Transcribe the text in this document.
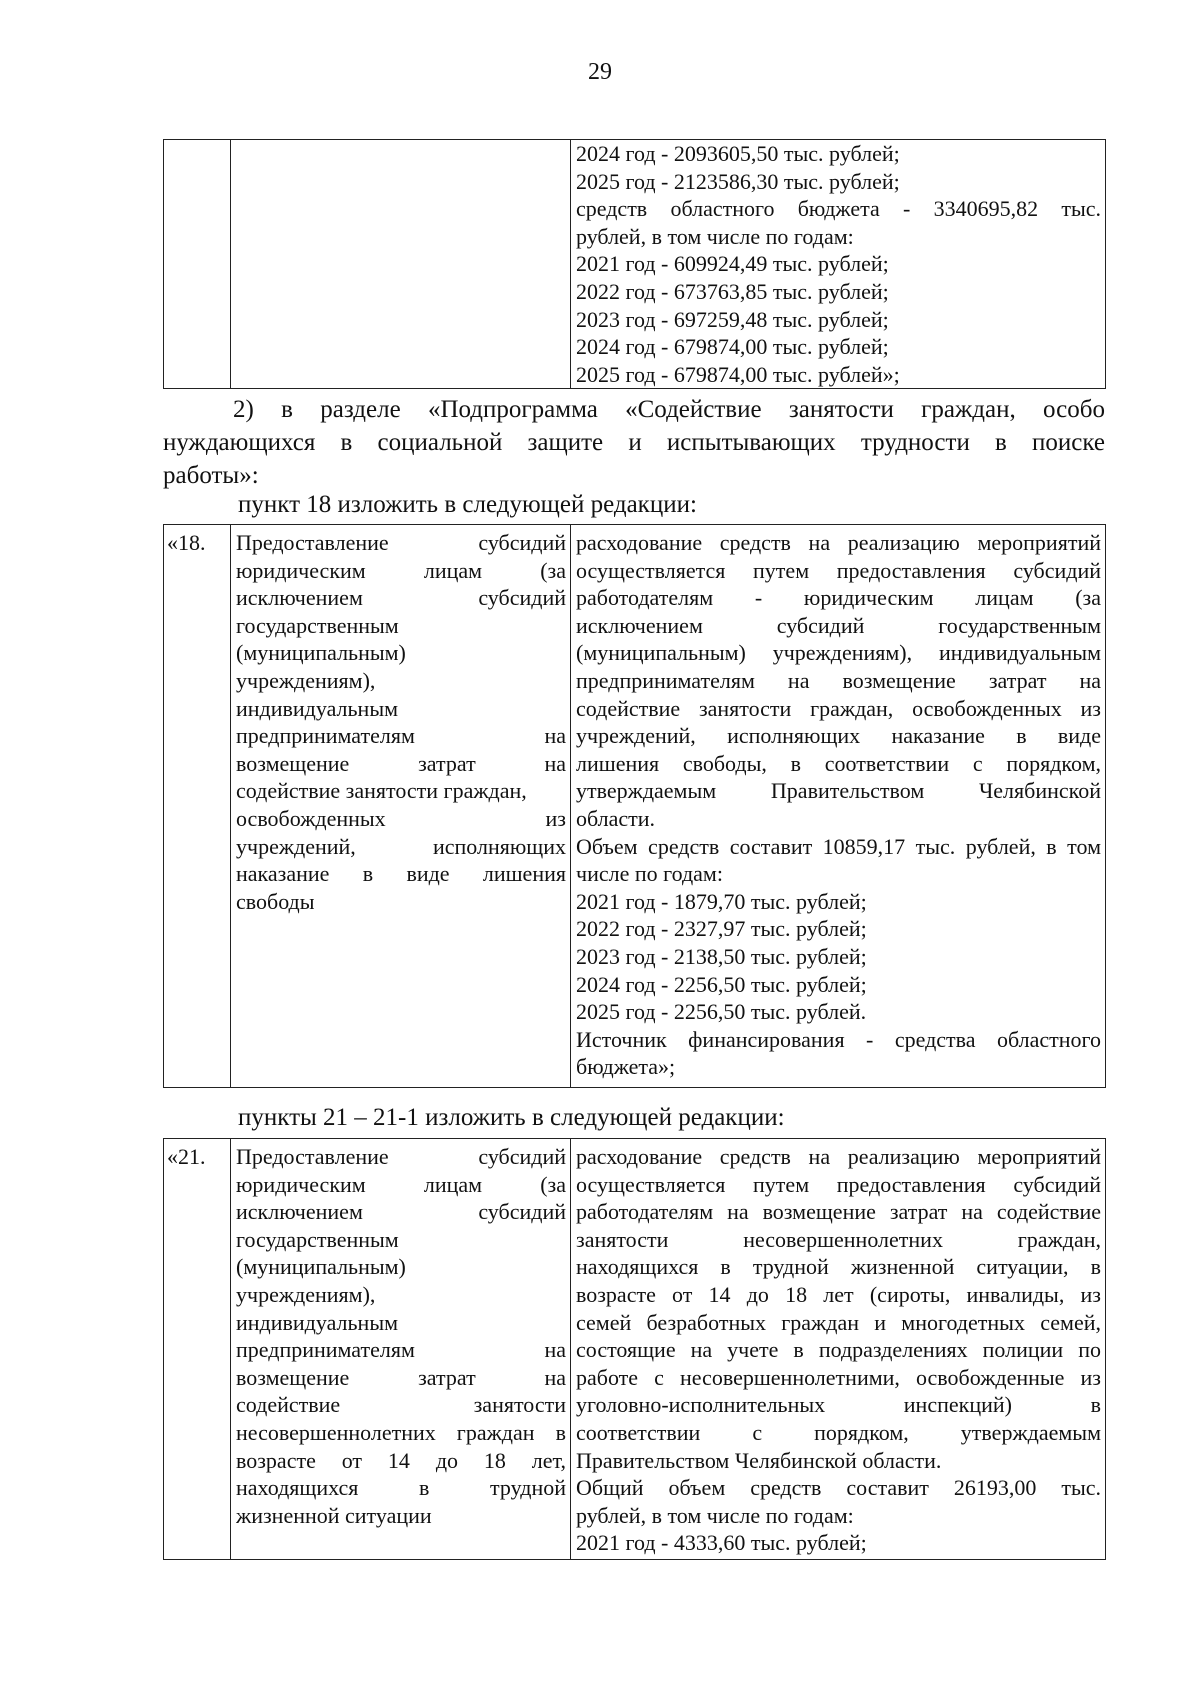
29

2024 год - 2093605,50 тыс. рублей;
2025 год - 2123586,30 тыс. рублей;
средств областного бюджета - 3340695,82 тыс.
рублей, в том числе по годам:
2021 год - 609924,49 тыс. рублей;
2022 год - 673763,85 тыс. рублей;
2023 год - 697259,48 тыс. рублей;
2024 год - 679874,00 тыс. рублей;
2025 год - 679874,00 тыс. рублей»;
2) в разделе «Подпрограмма «Содействие занятости граждан, особо
нуждающихся в социальной защите и испытывающих трудности в поиске
работы»:
пункт 18 изложить в следующей редакции:
«18.	Предоставление субсидий
юридическим лицам (за
исключением субсидий
государственным
(муниципальным)
учреждениям),
индивидуальным
предпринимателям на
возмещение затрат на
содействие занятости граждан,
освобожденных из
учреждений, исполняющих
наказание в виде лишения
свободы

расходование средств на реализацию мероприятий
осуществляется путем предоставления субсидий
работодателям - юридическим лицам (за
исключением субсидий государственным
(муниципальным) учреждениям), индивидуальным
предпринимателям на возмещение затрат на
содействие занятости граждан, освобожденных из
учреждений, исполняющих наказание в виде
лишения свободы, в соответствии с порядком,
утверждаемым Правительством Челябинской
области.
Объем средств составит 10859,17 тыс. рублей, в том
числе по годам:
2021 год - 1879,70 тыс. рублей;
2022 год - 2327,97 тыс. рублей;
2023 год - 2138,50 тыс. рублей;
2024 год - 2256,50 тыс. рублей;
2025 год - 2256,50 тыс. рублей.
Источник финансирования - средства областного
бюджета»;
пункты 21 – 21-1 изложить в следующей редакции:
«21.	Предоставление субсидий
юридическим лицам (за
исключением субсидий
государственным
(муниципальным)
учреждениям),
индивидуальным
предпринимателям на
возмещение затрат на
содействие занятости
несовершеннолетних граждан в
возрасте от 14 до 18 лет,
находящихся в трудной
жизненной ситуации

расходование средств на реализацию мероприятий
осуществляется путем предоставления субсидий
работодателям на возмещение затрат на содействие
занятости несовершеннолетних граждан,
находящихся в трудной жизненной ситуации, в
возрасте от 14 до 18 лет (сироты, инвалиды, из
семей безработных граждан и многодетных семей,
состоящие на учете в подразделениях полиции по
работе с несовершеннолетними, освобожденные из
уголовно-исполнительных инспекций) в
соответствии с порядком, утверждаемым
Правительством Челябинской области.
Общий объем средств составит 26193,00 тыс.
рублей, в том числе по годам:
2021 год - 4333,60 тыс. рублей;
